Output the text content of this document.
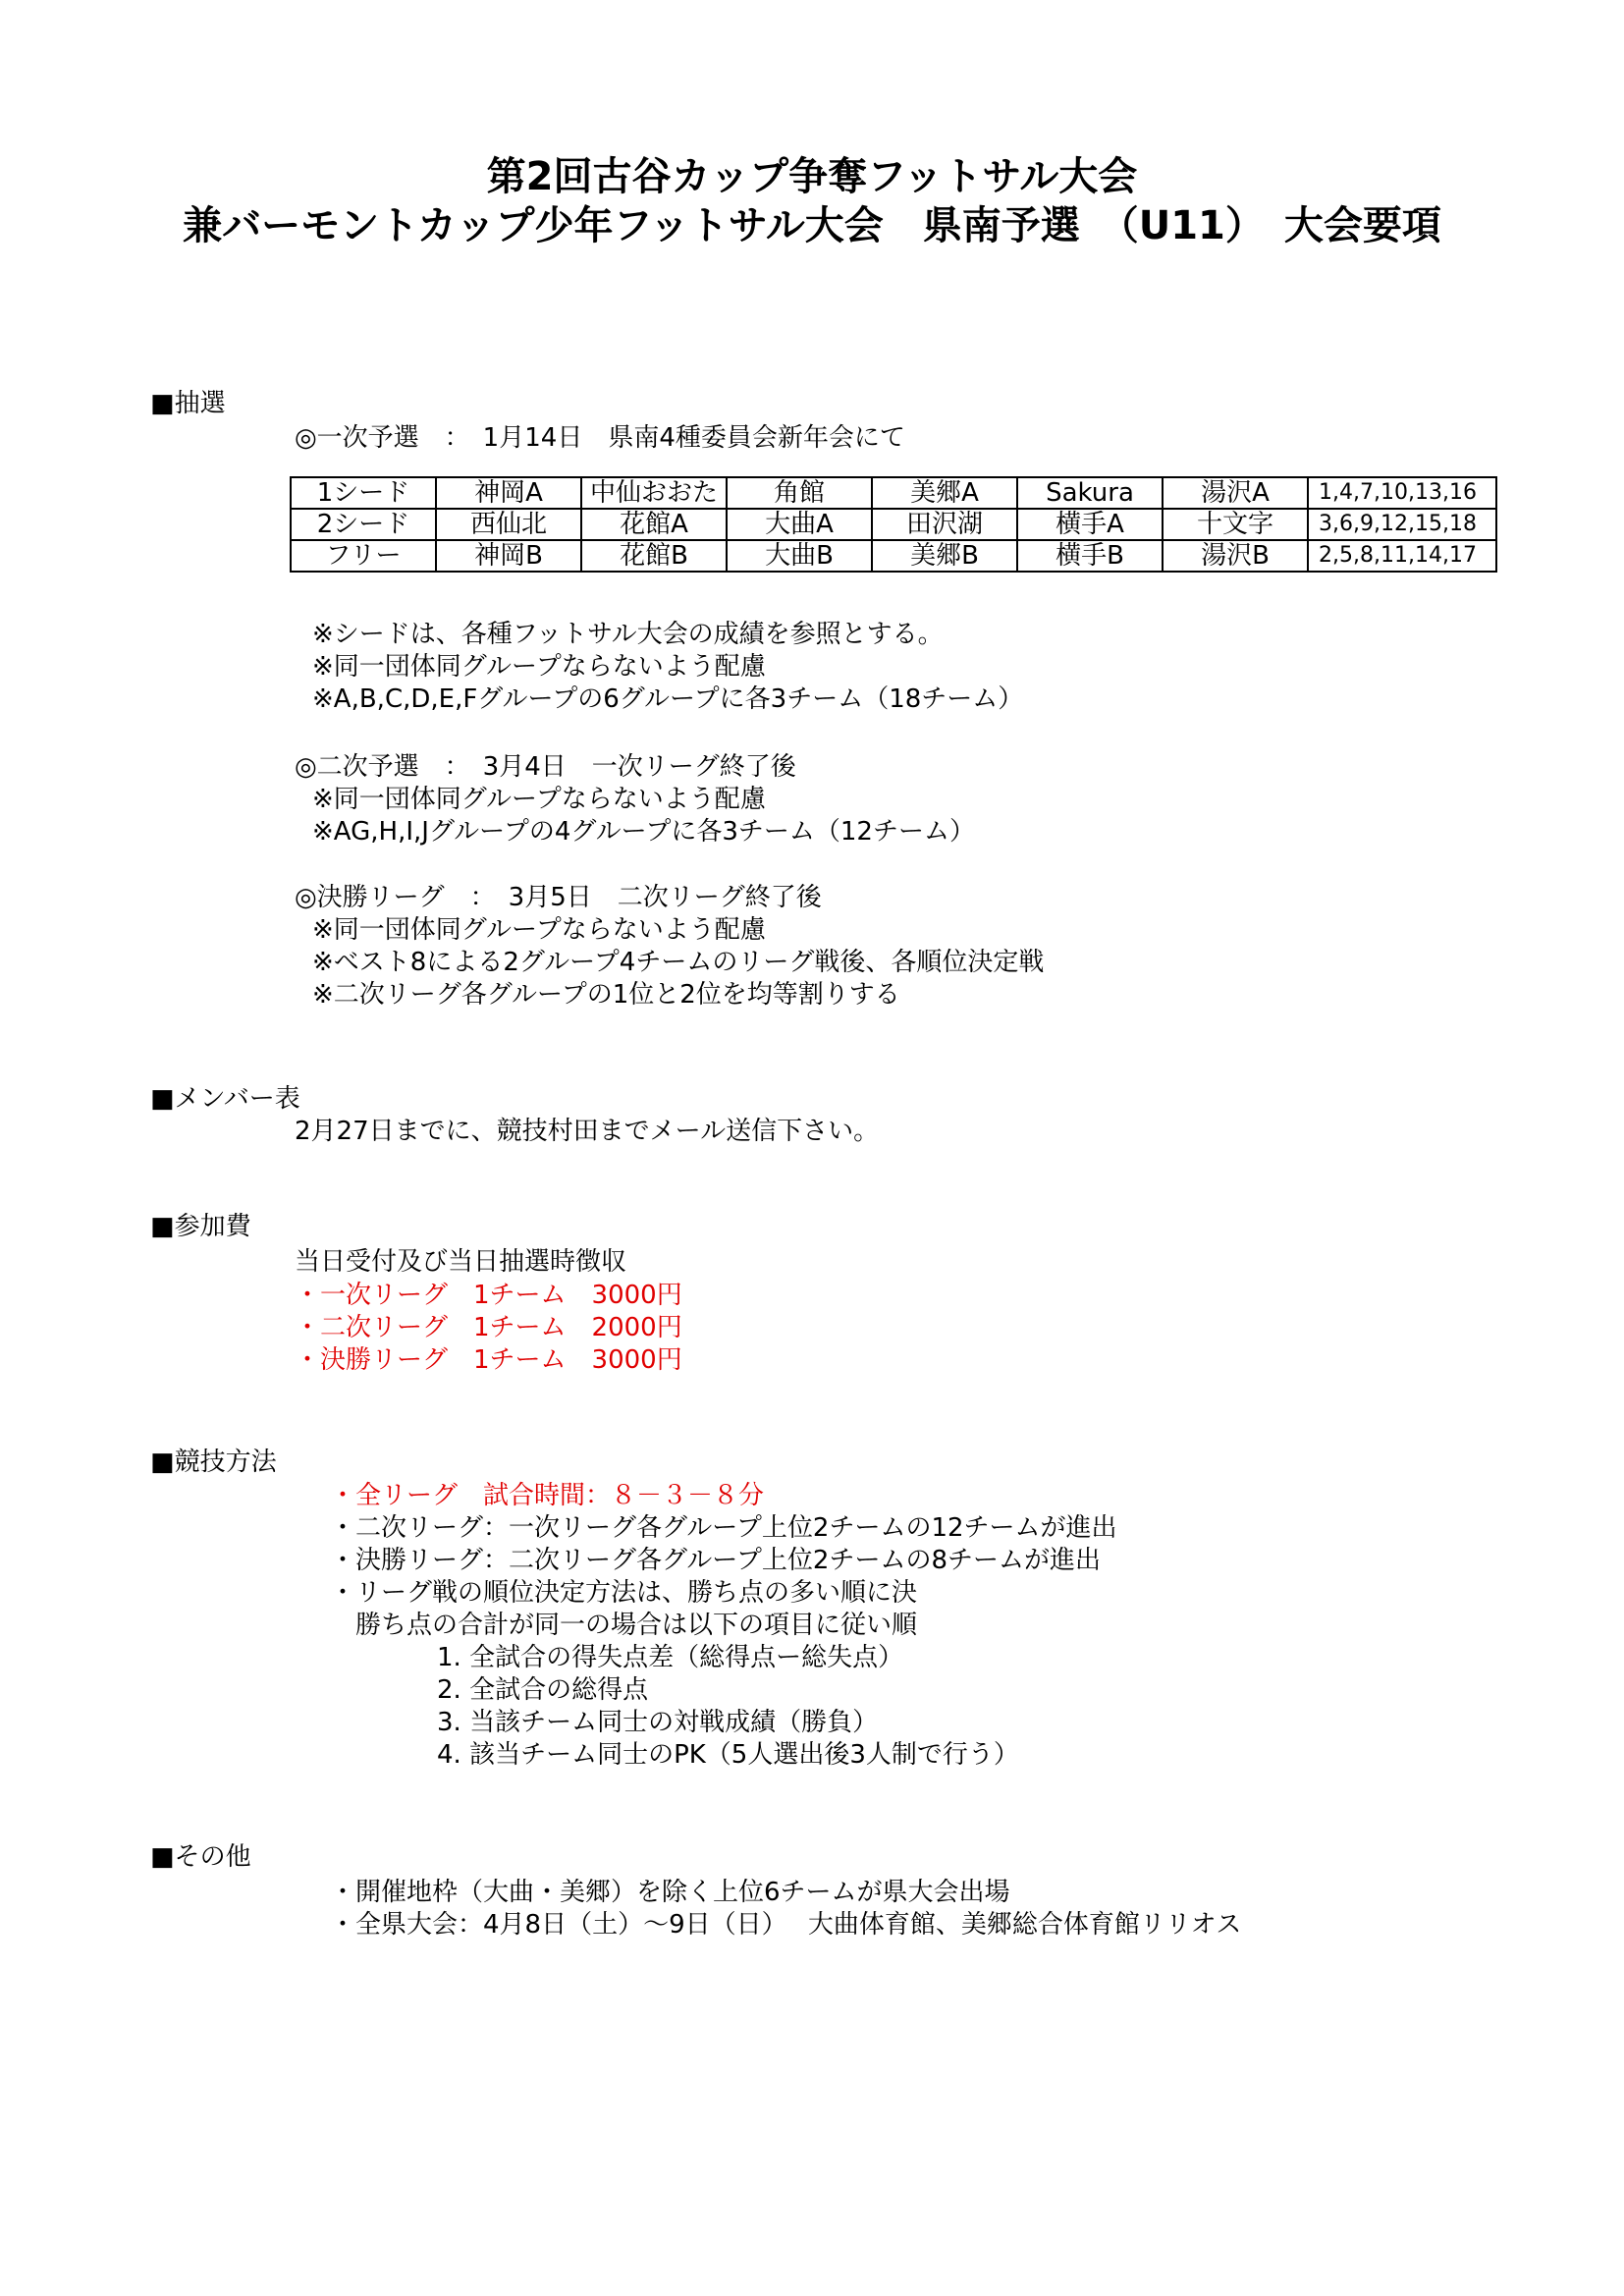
第2回古谷カップ争奪フットサル大会
兼バーモントカップ少年フットサル大会　県南予選　（U11）　大会要項
■抽選
◎一次予選　：　1月14日　県南4種委員会新年会にて
1シード	神岡A	中仙おおた	角館	美郷A	Sakura	湯沢A	1,4,7,10,13,16
2シード	西仙北	花館A	大曲A	田沢湖	横手A	十文字	3,6,9,12,15,18
フリー	神岡B	花館B	大曲B	美郷B	横手B	湯沢B	2,5,8,11,14,17
※シードは、各種フットサル大会の成績を参照とする。
※同一団体同グループならないよう配慮
※A,B,C,D,E,Fグループの6グループに各3チーム（18チーム）
◎二次予選　：　3月4日　一次リーグ終了後
※同一団体同グループならないよう配慮
※AG,H,I,Jグループの4グループに各3チーム（12チーム）
◎決勝リーグ　：　3月5日　二次リーグ終了後
※同一団体同グループならないよう配慮
※ベスト8による2グループ4チームのリーグ戦後、各順位決定戦
※二次リーグ各グループの1位と2位を均等割りする
■メンバー表
2月27日までに、競技村田までメール送信下さい。
■参加費
当日受付及び当日抽選時徴収
・一次リーグ　1チーム　3000円
・二次リーグ　1チーム　2000円
・決勝リーグ　1チーム　3000円
■競技方法
・全リーグ　試合時間：８－３－８分
・二次リーグ：一次リーグ各グループ上位2チームの12チームが進出
・決勝リーグ：二次リーグ各グループ上位2チームの8チームが進出
・リーグ戦の順位決定方法は、勝ち点の多い順に決
　勝ち点の合計が同一の場合は以下の項目に従い順
1. 全試合の得失点差（総得点ー総失点）
2. 全試合の総得点
3. 当該チーム同士の対戦成績（勝負）
4. 該当チーム同士のPK（5人選出後3人制で行う）
■その他
・開催地枠（大曲・美郷）を除く上位6チームが県大会出場
・全県大会：4月8日（土）～9日（日）　 大曲体育館、美郷総合体育館リリオス
